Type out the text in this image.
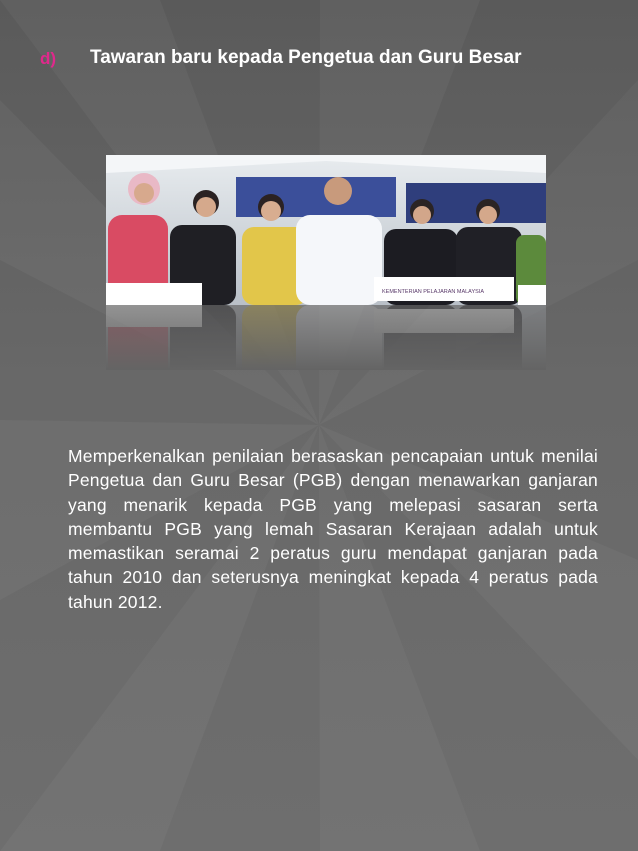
d) Tawaran baru kepada Pengetua dan Guru Besar
KEMENTERIAN PELAJARAN MALAYSIA
Memperkenalkan penilaian berasaskan pencapaian untuk menilai Pengetua dan Guru Besar (PGB) dengan menawarkan ganjaran yang menarik kepada PGB yang melepasi sasaran serta membantu PGB yang lemah Sasaran Kerajaan adalah untuk memastikan seramai 2 peratus guru mendapat ganjaran pada tahun 2010 dan seterusnya meningkat kepada 4 peratus pada tahun 2012.
